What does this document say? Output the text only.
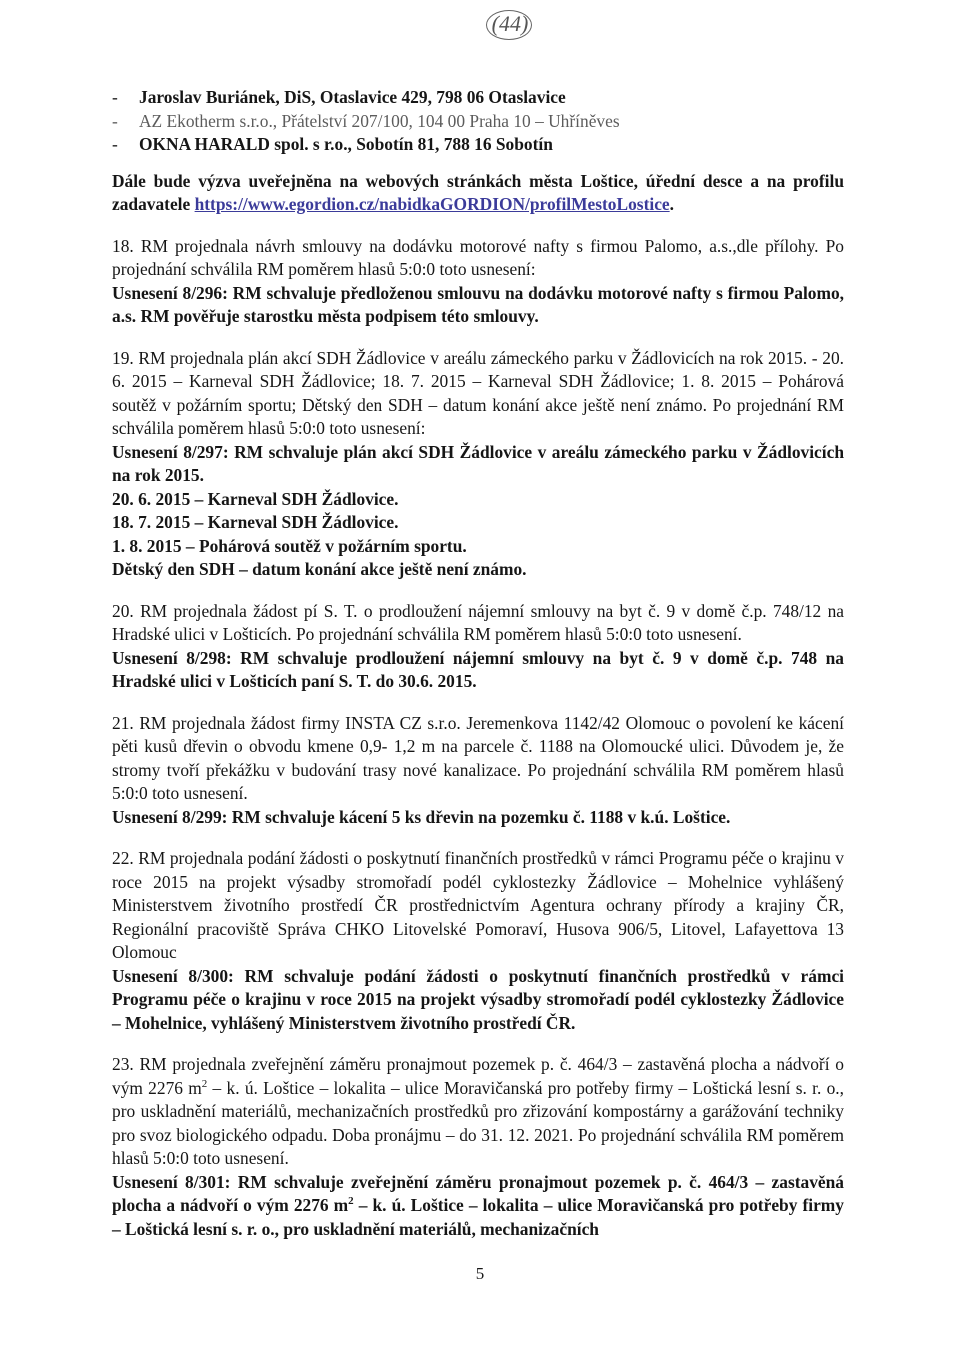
(44)
- Jaroslav Buriánek, DiS, Otaslavice 429, 798 06 Otaslavice
- AZ Ekotherm s.r.o., Přátelství 207/100, 104 00 Praha 10 – Uhříněves
- OKNA HARALD spol. s r.o., Sobotín 81, 788 16 Sobotín

Dále bude výzva uveřejněna na webových stránkách města Loštice, úřední desce a na profilu zadavatele https://www.egordion.cz/nabidkaGORDION/profilMestoLostice.

18. RM projednala návrh smlouvy na dodávku motorové nafty s firmou Palomo, a.s.,dle přílohy. Po projednání schválila RM poměrem hlasů 5:0:0 toto usnesení:

Usnesení 8/296: RM schvaluje předloženou smlouvu na dodávku motorové nafty s firmou Palomo, a.s. RM pověřuje starostku města podpisem této smlouvy.

19. RM projednala plán akcí SDH Žádlovice v areálu zámeckého parku v Žádlovicích na rok 2015. - 20. 6. 2015 – Karneval SDH Žádlovice; 18. 7. 2015 – Karneval SDH Žádlovice; 1. 8. 2015 – Pohárová soutěž v požárním sportu; Dětský den SDH – datum konání akce ještě není známo. Po projednání RM schválila poměrem hlasů 5:0:0 toto usnesení:

Usnesení 8/297: RM schvaluje plán akcí SDH Žádlovice v areálu zámeckého parku v Žádlovicích na rok 2015.

20. 6. 2015 – Karneval SDH Žádlovice.

18. 7. 2015 – Karneval SDH Žádlovice.

1. 8. 2015 – Pohárová soutěž v požárním sportu.

Dětský den SDH – datum konání akce ještě není známo.

20. RM projednala žádost pí S. T. o prodloužení nájemní smlouvy na byt č. 9 v domě č.p. 748/12 na Hradské ulici v Lošticích. Po projednání schválila RM poměrem hlasů 5:0:0 toto usnesení.

Usnesení 8/298: RM schvaluje prodloužení nájemní smlouvy na byt č. 9 v domě č.p. 748 na Hradské ulici v Lošticích paní S. T. do 30.6. 2015.

21. RM projednala žádost firmy INSTA CZ s.r.o. Jeremenkova 1142/42 Olomouc o povolení ke kácení pěti kusů dřevin o obvodu kmene 0,9- 1,2 m na parcele č. 1188 na Olomoucké ulici. Důvodem je, že stromy tvoří překážku v budování trasy nové kanalizace. Po projednání schválila RM poměrem hlasů 5:0:0 toto usnesení.

Usnesení 8/299: RM schvaluje kácení 5 ks dřevin na pozemku č. 1188 v k.ú. Loštice.

22. RM projednala podání žádosti o poskytnutí finančních prostředků v rámci Programu péče o krajinu v roce 2015 na projekt výsadby stromořadí podél cyklostezky Žádlovice – Mohelnice vyhlášený Ministerstvem životního prostředí ČR prostřednictvím Agentura ochrany přírody a krajiny ČR, Regionální pracoviště Správa CHKO Litovelské Pomoraví, Husova 906/5, Litovel, Lafayettova 13 Olomouc

Usnesení 8/300: RM schvaluje podání žádosti o poskytnutí finančních prostředků v rámci Programu péče o krajinu v roce 2015 na projekt výsadby stromořadí podél cyklostezky Žádlovice – Mohelnice, vyhlášený Ministerstvem životního prostředí ČR.

23. RM projednala zveřejnění záměru pronajmout pozemek p. č. 464/3 – zastavěná plocha a nádvoří o vým 2276 $m^2$ – k. ú. Loštice – lokalita – ulice Moravičanská pro potřeby firmy – Loštická lesní s. r. o., pro uskladnění materiálů, mechanizačních prostředků pro zřizování kompostárny a garážování techniky pro svoz biologického odpadu. Doba pronájmu – do 31. 12. 2021. Po projednání schválila RM poměrem hlasů 5:0:0 toto usnesení.

Usnesení 8/301: RM schvaluje zveřejnění záměru pronajmout pozemek p. č. 464/3 – zastavěná plocha a nádvoří o vým 2276 $m^2$ – k. ú. Loštice – lokalita – ulice Moravičanská pro potřeby firmy – Loštická lesní s. r. o., pro uskladnění materiálů, mechanizačních

5
